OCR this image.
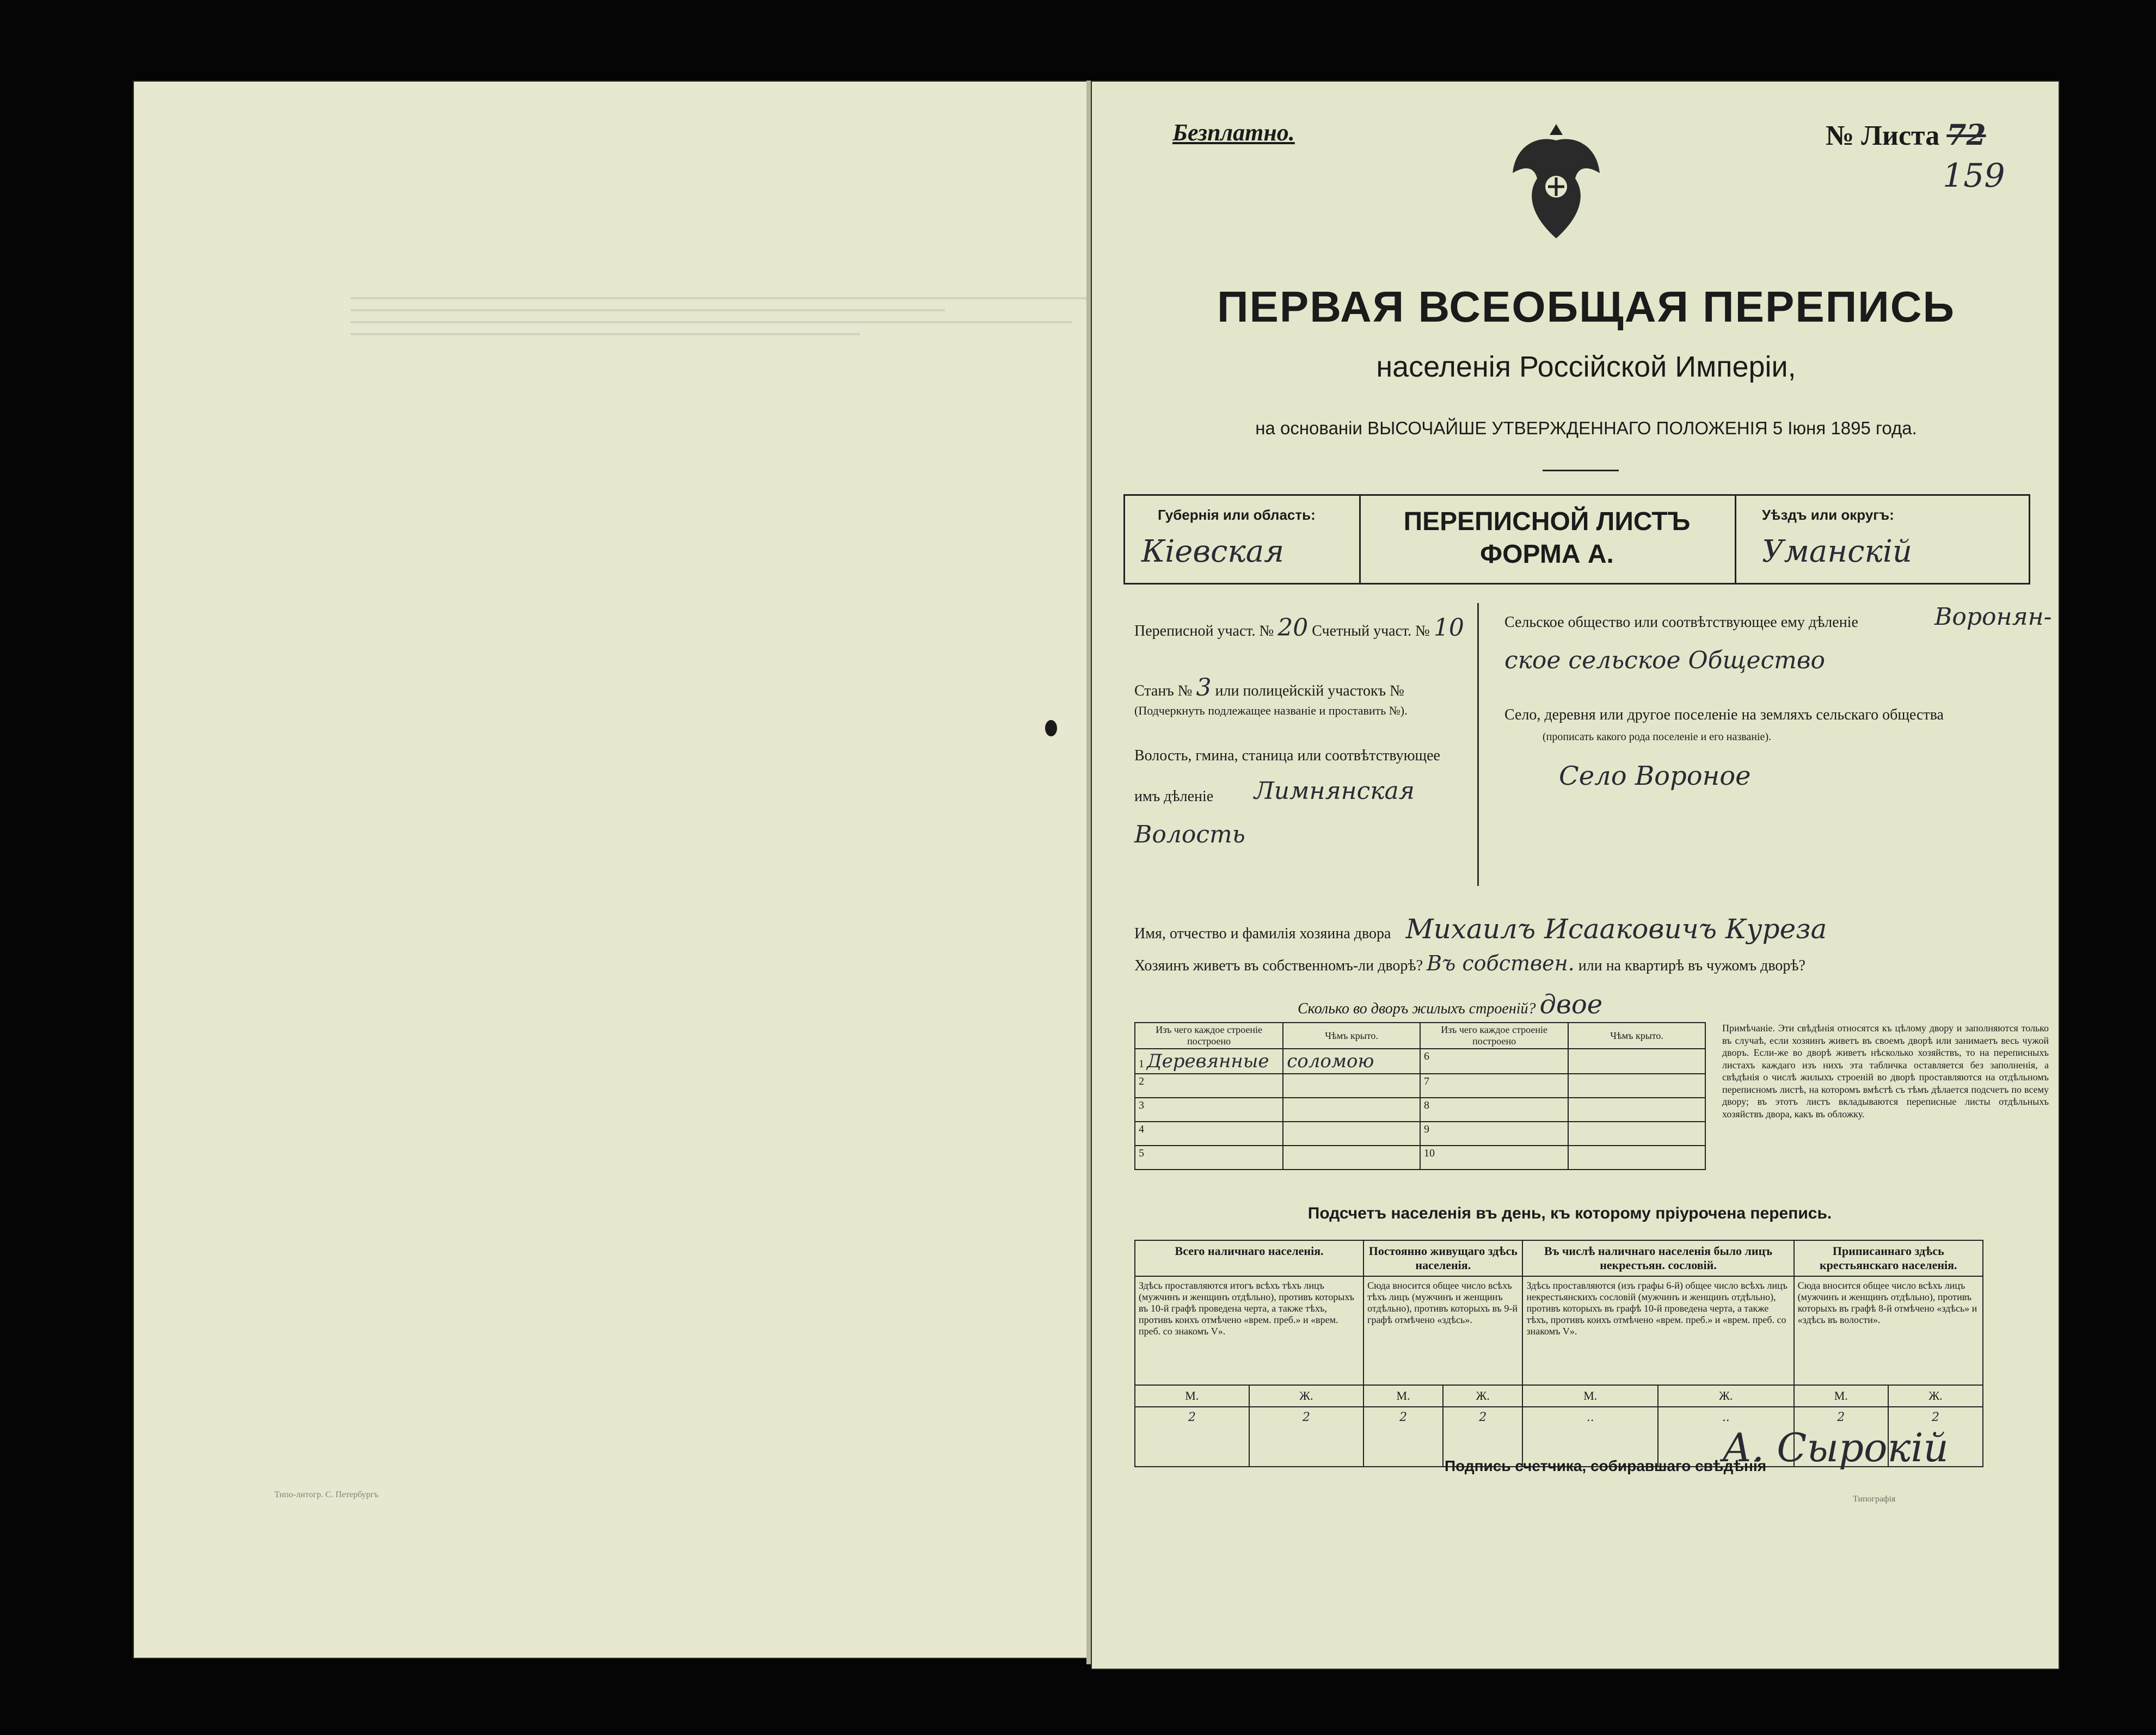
Типо-литогр. С. Петербургъ
Безплатно.	№ Листа 72
159
ПЕРВАЯ ВСЕОБЩАЯ ПЕРЕПИСЬ
населенія Россійской Имперіи,
на основаніи ВЫСОЧАЙШЕ УТВЕРЖДЕННАГО ПОЛОЖЕНІЯ 5 Іюня 1895 года.
Губернія или область:
Кіевская
ПЕРЕПИСНОЙ ЛИСТЪ
ФОРМА А.
Уѣздъ или округъ:
Уманскій
Переписной участ. № 20 Счетный участ. № 10
Станъ № 3 или полицейскій участокъ №
(Подчеркнуть подлежащее названіе и проставить №).
Волость, гмина, станица или соотвѣтствующее
имъ дѣленіе Лимнянская
Волость
Сельское общество или соотвѣтствующее ему дѣленіе	Воронян-
ское сельское Общество
Село, деревня или другое поселеніе на земляхъ сельскаго общества
(прописать какого рода поселеніе и его названіе).
Село Вороное
Имя, отчество и фамилія хозяина двора Михаилъ Исааковичъ Куреза
Хозяинъ живетъ въ собственномъ-ли дворѣ? Въ собствен. или на квартирѣ въ чужомъ дворѣ?
Сколько во дворъ жилыхъ строеній? двое
Изъ чего каждое строеніе построено	Чѣмъ крыто.	Изъ чего каждое строеніе построено	Чѣмъ крыто.
1 Деревянные	соломою	6	
2		7	
3		8	
4		9	
5		10	
Примѣчаніе. Эти свѣдѣнія относятся къ цѣлому двору и заполняются только въ случаѣ, если хозяинъ живетъ въ своемъ дворѣ или занимаетъ весь чужой дворъ. Если-же во дворѣ живетъ нѣсколько хозяйствъ, то на переписныхъ листахъ каждаго изъ нихъ эта табличка оставляется без заполненія, а свѣдѣнія о числѣ жилыхъ строеній во дворѣ проставляются на отдѣльномъ переписномъ листѣ, на которомъ вмѣстѣ съ тѣмъ дѣлается подсчетъ по всему двору; въ этотъ листъ вкладываются переписные листы отдѣльныхъ хозяйствъ двора, какъ въ обложку.
Подсчетъ населенія въ день, къ которому пріурочена перепись.
Всего наличнаго населенія.		Постоянно живущаго здѣсь населенія.		Въ числѣ наличнаго населенія было лицъ некрестьян. сословій.		Приписаннаго здѣсь крестьянскаго населенія.	
Здѣсь проставляются итогъ всѣхъ тѣхъ лицъ (мужчинъ и женщинъ отдѣльно), противъ которыхъ въ 10-й графѣ проведена черта, а также тѣхъ, противъ коихъ отмѣчено «врем. преб.» и «врем. преб. со знакомъ V».		Сюда вносится общее число всѣхъ тѣхъ лицъ (мужчинъ и женщинъ отдѣльно), противъ которыхъ въ 9-й графѣ отмѣчено «здѣсь».		Здѣсь проставляются (изъ графы 6-й) общее число всѣхъ лицъ некрестьянскихъ сословій (мужчинъ и женщинъ отдѣльно), противъ которыхъ въ графѣ 10-й проведена черта, а также тѣхъ, противъ коихъ отмѣчено «врем. преб.» и «врем. преб. со знакомъ V».		Сюда вносится общее число всѣхъ лицъ (мужчинъ и женщинъ отдѣльно), противъ которыхъ въ графѣ 8-й отмѣчено «здѣсь» и «здѣсь въ волости».	
М.	Ж.	М.	Ж.	М.	Ж.	М.	Ж.
2	2	2	2	..	..	2	2
Подпись счетчика, собиравшаго свѣдѣнія
А. Сырокій
Типографія
